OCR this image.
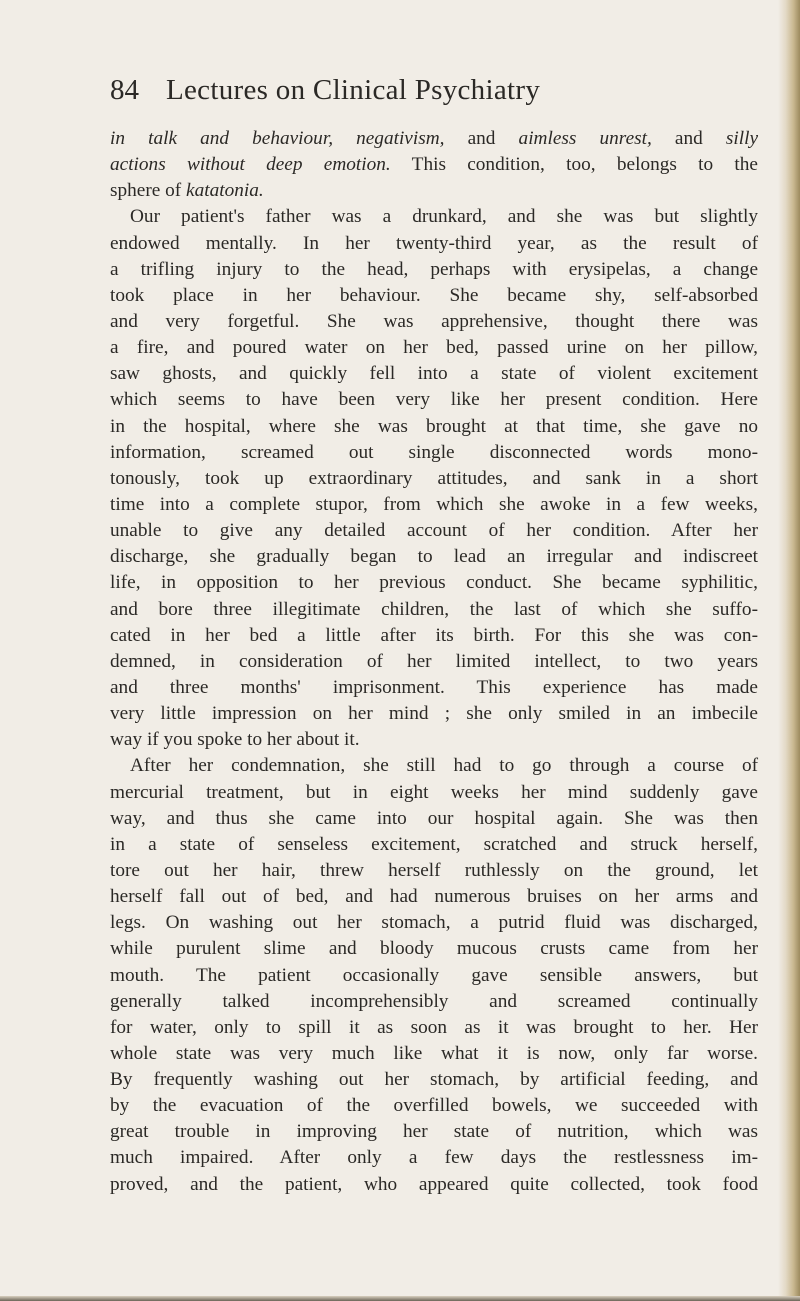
84 Lectures on Clinical Psychiatry
in talk and behaviour, negativism, and aimless unrest, and silly
actions without deep emotion. This condition, too, belongs to the
sphere of katatonia.
Our patient's father was a drunkard, and she was but slightly
endowed mentally. In her twenty-third year, as the result of
a trifling injury to the head, perhaps with erysipelas, a change
took place in her behaviour. She became shy, self-absorbed
and very forgetful. She was apprehensive, thought there was
a fire, and poured water on her bed, passed urine on her pillow,
saw ghosts, and quickly fell into a state of violent excitement
which seems to have been very like her present condition. Here
in the hospital, where she was brought at that time, she gave no
information, screamed out single disconnected words mono-
tonously, took up extraordinary attitudes, and sank in a short
time into a complete stupor, from which she awoke in a few weeks,
unable to give any detailed account of her condition. After her
discharge, she gradually began to lead an irregular and indiscreet
life, in opposition to her previous conduct. She became syphilitic,
and bore three illegitimate children, the last of which she suffo-
cated in her bed a little after its birth. For this she was con-
demned, in consideration of her limited intellect, to two years
and three months' imprisonment. This experience has made
very little impression on her mind ; she only smiled in an imbecile
way if you spoke to her about it.
After her condemnation, she still had to go through a course of
mercurial treatment, but in eight weeks her mind suddenly gave
way, and thus she came into our hospital again. She was then
in a state of senseless excitement, scratched and struck herself,
tore out her hair, threw herself ruthlessly on the ground, let
herself fall out of bed, and had numerous bruises on her arms and
legs. On washing out her stomach, a putrid fluid was discharged,
while purulent slime and bloody mucous crusts came from her
mouth. The patient occasionally gave sensible answers, but
generally talked incomprehensibly and screamed continually
for water, only to spill it as soon as it was brought to her. Her
whole state was very much like what it is now, only far worse.
By frequently washing out her stomach, by artificial feeding, and
by the evacuation of the overfilled bowels, we succeeded with
great trouble in improving her state of nutrition, which was
much impaired. After only a few days the restlessness im-
proved, and the patient, who appeared quite collected, took food
